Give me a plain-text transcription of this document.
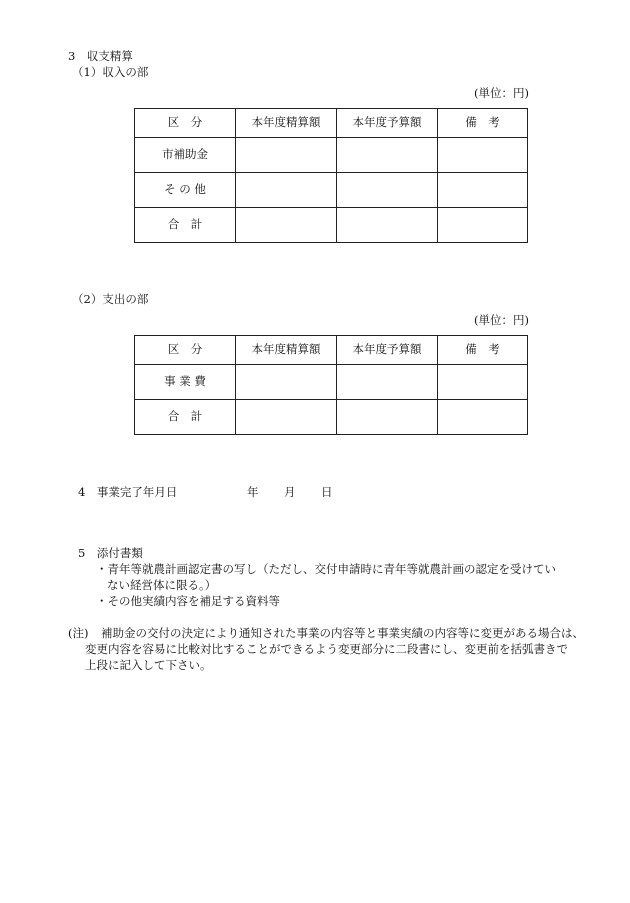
3　収支精算
（1）収入の部
(単位：円)
区　分	本年度精算額	本年度予算額	備　考
市補助金			
そ の 他			
合　計			
（2）支出の部
(単位：円)
区　分	本年度精算額	本年度予算額	備　考
事 業 費			
合　計			
4　事業完了年月日	年 月 日
5　添付書類
・青年等就農計画認定書の写し（ただし、交付申請時に青年等就農計画の認定を受けてい
ない経営体に限る。）
・その他実績内容を補足する資料等
(注) 補助金の交付の決定により通知された事業の内容等と事業実績の内容等に変更がある場合は、
変更内容を容易に比較対比することができるよう変更部分に二段書にし、変更前を括弧書きで
上段に記入して下さい。
